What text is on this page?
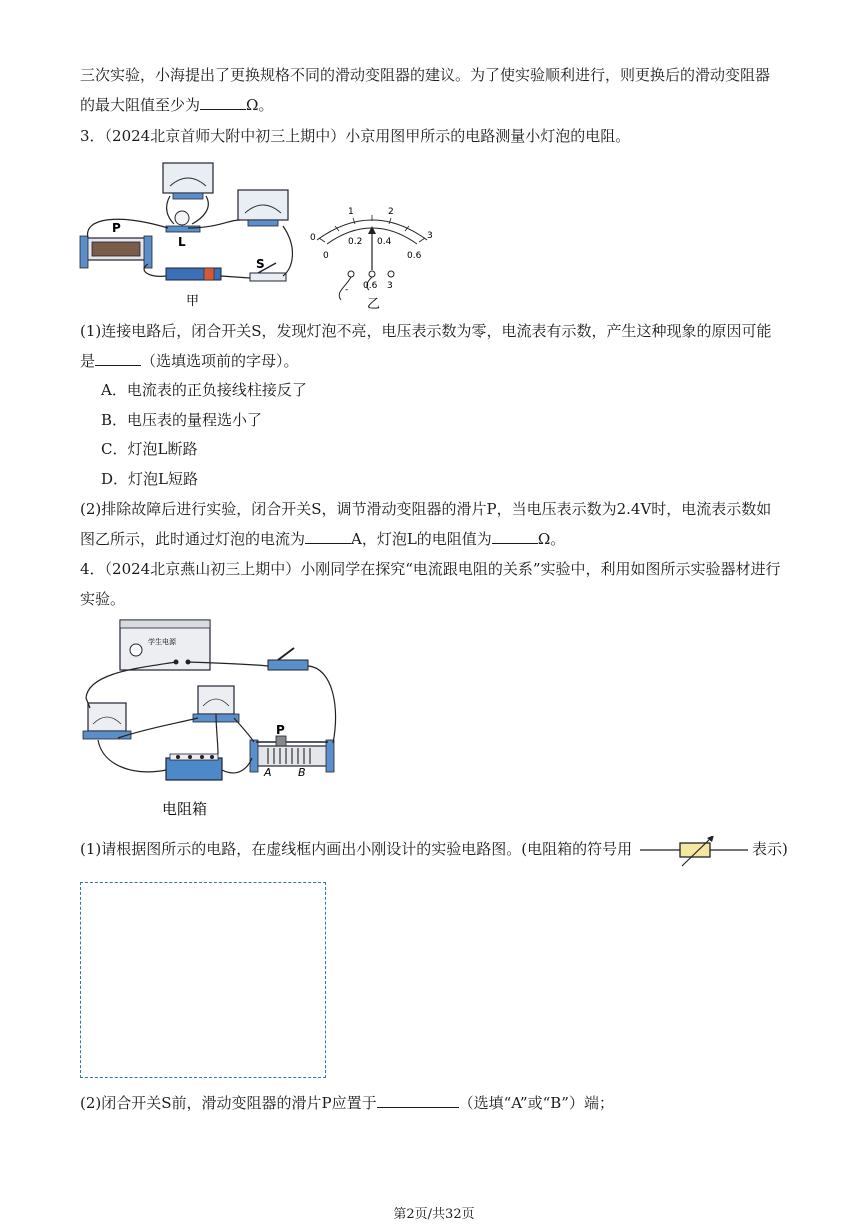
三次实验，小海提出了更换规格不同的滑动变阻器的建议。为了使实验顺利进行，则更换后的滑动变阻器
的最大阻值至少为	Ω。
3．（2024北京首师大附中初三上期中）小京用图甲所示的电路测量小灯泡的电阻。
L
P
S
甲
0
1	2
3
0
0.2 0.4
0.6
- 0.6 3
乙
(1)连接电路后，闭合开关S，发现灯泡不亮，电压表示数为零，电流表有示数，产生这种现象的原因可能
是	（选填选项前的字母）。
A．电流表的正负接线柱接反了
B．电压表的量程选小了
C．灯泡L断路
D．灯泡L短路
(2)排除故障后进行实验，闭合开关S，调节滑动变阻器的滑片P，当电压表示数为2.4V时，电流表示数如
图乙所示，此时通过灯泡的电流为	A，灯泡L的电阻值为	Ω。
4．（2024北京燕山初三上期中）小刚同学在探究“电流跟电阻的关系”实验中，利用如图所示实验器材进行
实验。
学生电源
P
A B
电阻箱
(1)请根据图所示的电路，在虚线框内画出小刚设计的实验电路图。(电阻箱的符号用	表示)
(2)闭合开关S前，滑动变阻器的滑片P应置于	（选填“A”或“B”）端；
第2页/共32页
